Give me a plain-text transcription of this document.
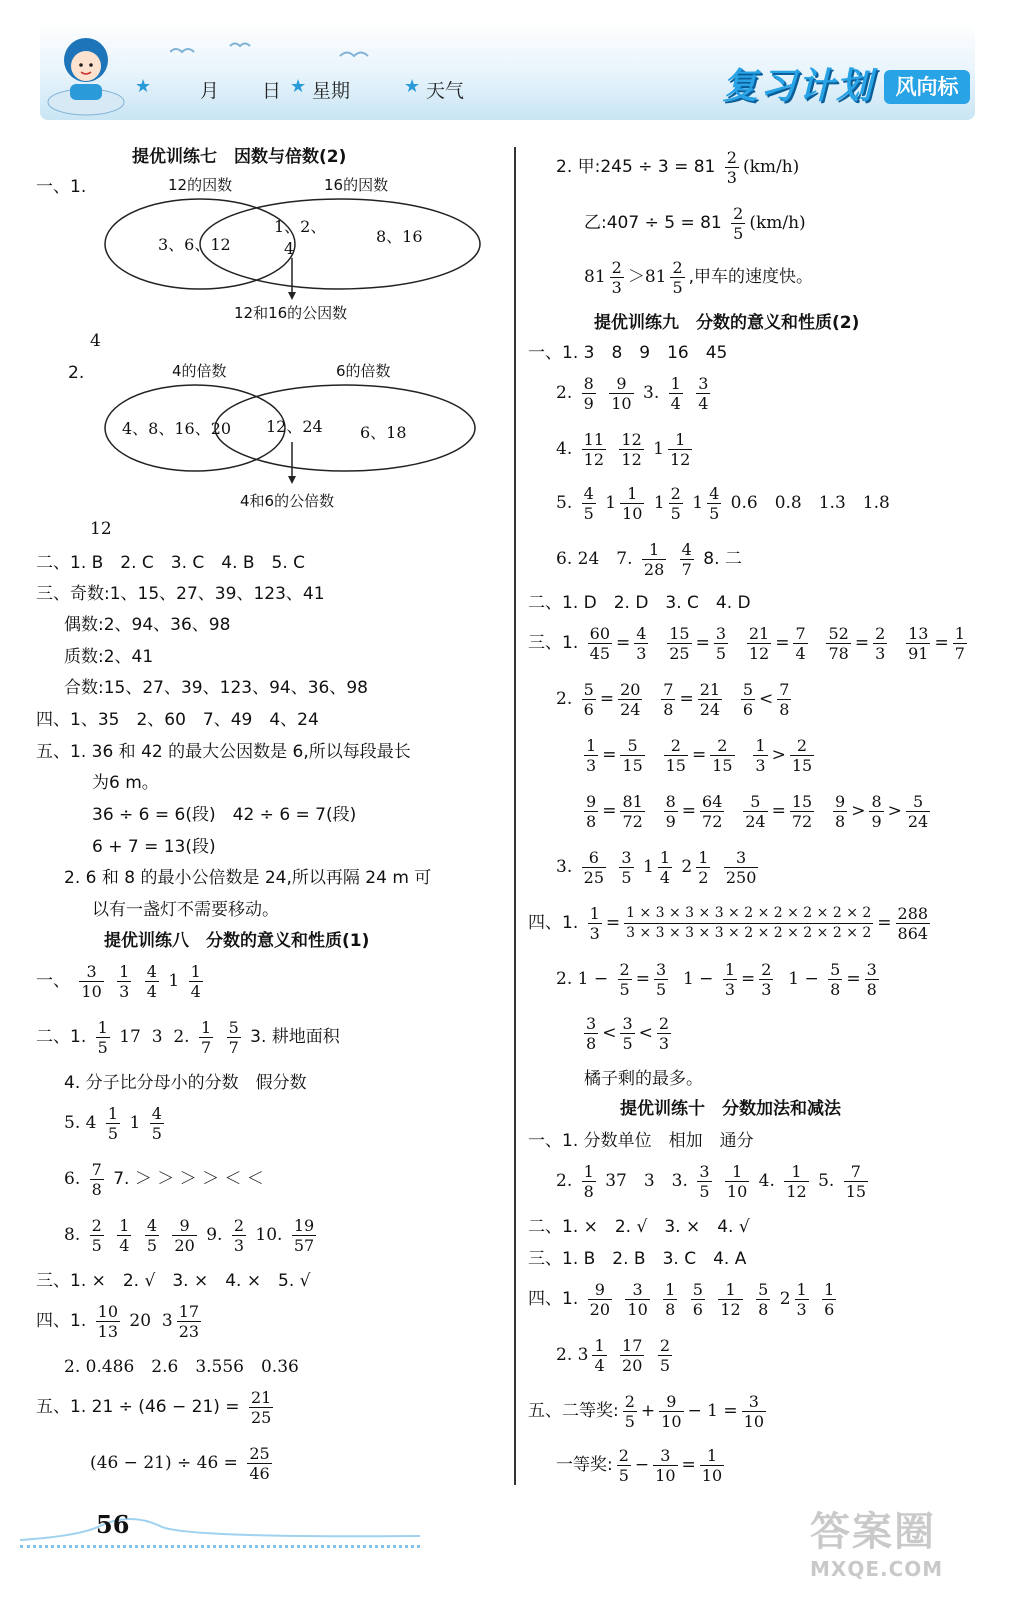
★	月 日 ★ 星期	★ 天气	复习计划	风向标
提优训练七　因数与倍数(2)
一、1.	12的因数	16的因数
3、6、12
1、2、
4
8、16
12和16的公因数
4
2.	4的倍数	6的倍数
4、8、16、20 12、24 6、18
4和6的公倍数
12
二、1. B　2. C　3. C　4. B　5. C
三、奇数:1、15、27、39、123、41
偶数:2、94、36、98
质数:2、41
合数:15、27、39、123、94、36、98
四、1、35　2、60　7、49　4、24
五、1. 36 和 42 的最大公因数是 6,所以每段最长
为6 m。
36 ÷ 6 = 6(段)　42 ÷ 6 = 7(段)
6 + 7 = 13(段)
2. 6 和 8 的最小公倍数是 24,所以再隔 24 m 可
以有一盏灯不需要移动。
提优训练八　分数的意义和性质(1)
一、 $\frac{3}{10}$
$\frac{1}{3}$
$\frac{4}{4} 1 \frac{1}{4}$
二、1. $\frac{1}{5} 17$ 3 2. $\frac{1}{7}$
$\frac{5}{7} 3$. 耕地面积
4. 分子比分母小的分数　假分数
5. $4 \frac{1}{5} 1 \frac{4}{5}$
6. $\frac{7}{8} 7$. ＞ ＞ ＞ ＞ ＜ ＜
8. $\frac{2}{5}$
$\frac{1}{4}$
$\frac{4}{5}$
$\frac{9}{20} 9$. $\frac{2}{3} 10$. $\frac{19}{57}$
三、1. ×　2. √　3. ×　4. ×　5. √
四、1. $\frac{10}{13} 20$ $3 \frac{17}{23}$
2. 0.486　2.6　3.556　0.36
五、1. $21 \div (46 - 21) = \frac{21}{25}$
$(46 - 21) \div 46 = \frac{25}{46}$
2. 甲:245 ÷ $3 = 81 \frac{2}{3} (km/h)$
乙:407 ÷ $5 = 81 \frac{2}{5} (km/h)$
$81 \frac{2}{3} >81 \frac{2}{5}$ ,甲车的速度快。
提优训练九　分数的意义和性质(2)
一、1. 3　8　9　16　45
2. $\frac{8}{9}$
$\frac{9}{10} 3$. $\frac{1}{4}$
$\frac{3}{4}$
4. $\frac{11}{12}$
$\frac{12}{12} 1 \frac{1}{12}$
5. $\frac{4}{5} 1 \frac{1}{10} 1 \frac{2}{5} 1 \frac{4}{5} 0.6$　0.8　1.3　1.8
6. 24　7. $\frac{1}{28}$
$\frac{4}{7} 8$. 二
二、1. D　2. D　3. C　4. D
三、1. $\frac{60}{45} = \frac{4}{3}$
$\frac{15}{25} = \frac{3}{5}$
$\frac{21}{12} = \frac{7}{4}$
$\frac{52}{78} = \frac{2}{3}$
$\frac{13}{91} = \frac{1}{7}$
2. $\frac{5}{6} = \frac{20}{24}$
$\frac{7}{8} = \frac{21}{24}$
$\frac{5}{6} < \frac{7}{8}$
$\frac{1}{3} = \frac{5}{15}$
$\frac{2}{15} = \frac{2}{15}$
$\frac{1}{3} > \frac{2}{15}$
$\frac{9}{8} = \frac{81}{72}$
$\frac{8}{9} = \frac{64}{72}$
$\frac{5}{24} = \frac{15}{72}$
$\frac{9}{8} > \frac{8}{9} > \frac{5}{24}$
3. $\frac{6}{25}$
$\frac{3}{5} 1 \frac{1}{4} 2 \frac{1}{2}$
$\frac{3}{250}$
四、1. $\frac{1}{3} = \frac{1 \times 3 \times 3 \times 3 \times 2 \times 2 \times 2 \times 2 \times 2}{3 \times 3 \times 3 \times 3 \times 2 \times 2 \times 2 \times 2 \times 2} = \frac{288}{864}$
2. $1 - \frac{2}{5} = \frac{3}{5} 1 - \frac{1}{3} = \frac{2}{3} 1 - \frac{5}{8} = \frac{3}{8}$
$\frac{3}{8} < \frac{3}{5} < \frac{2}{3}$
橘子剩的最多。
提优训练十　分数加法和减法
一、1. 分数单位　相加　通分
2. $\frac{1}{8} 37$　3　3. $\frac{3}{5}$
$\frac{1}{10} 4$. $\frac{1}{12} 5$. $\frac{7}{15}$
二、1. ×　2. √　3. ×　4. √
三、1. B　2. B　3. C　4. A
四、1. $\frac{9}{20}$
$\frac{3}{10}$
$\frac{1}{8}$
$\frac{5}{6}$
$\frac{1}{12}$
$\frac{5}{8} 2 \frac{1}{3}$
$\frac{1}{6}$
2. $3 \frac{1}{4}$
$\frac{17}{20}$
$\frac{2}{5}$
五、二等奖: $\frac{2}{5} + \frac{9}{10} - 1 = \frac{3}{10}$
一等奖: $\frac{2}{5} - \frac{3}{10} = \frac{1}{10}$
56	答案圈
MXQE.COM
